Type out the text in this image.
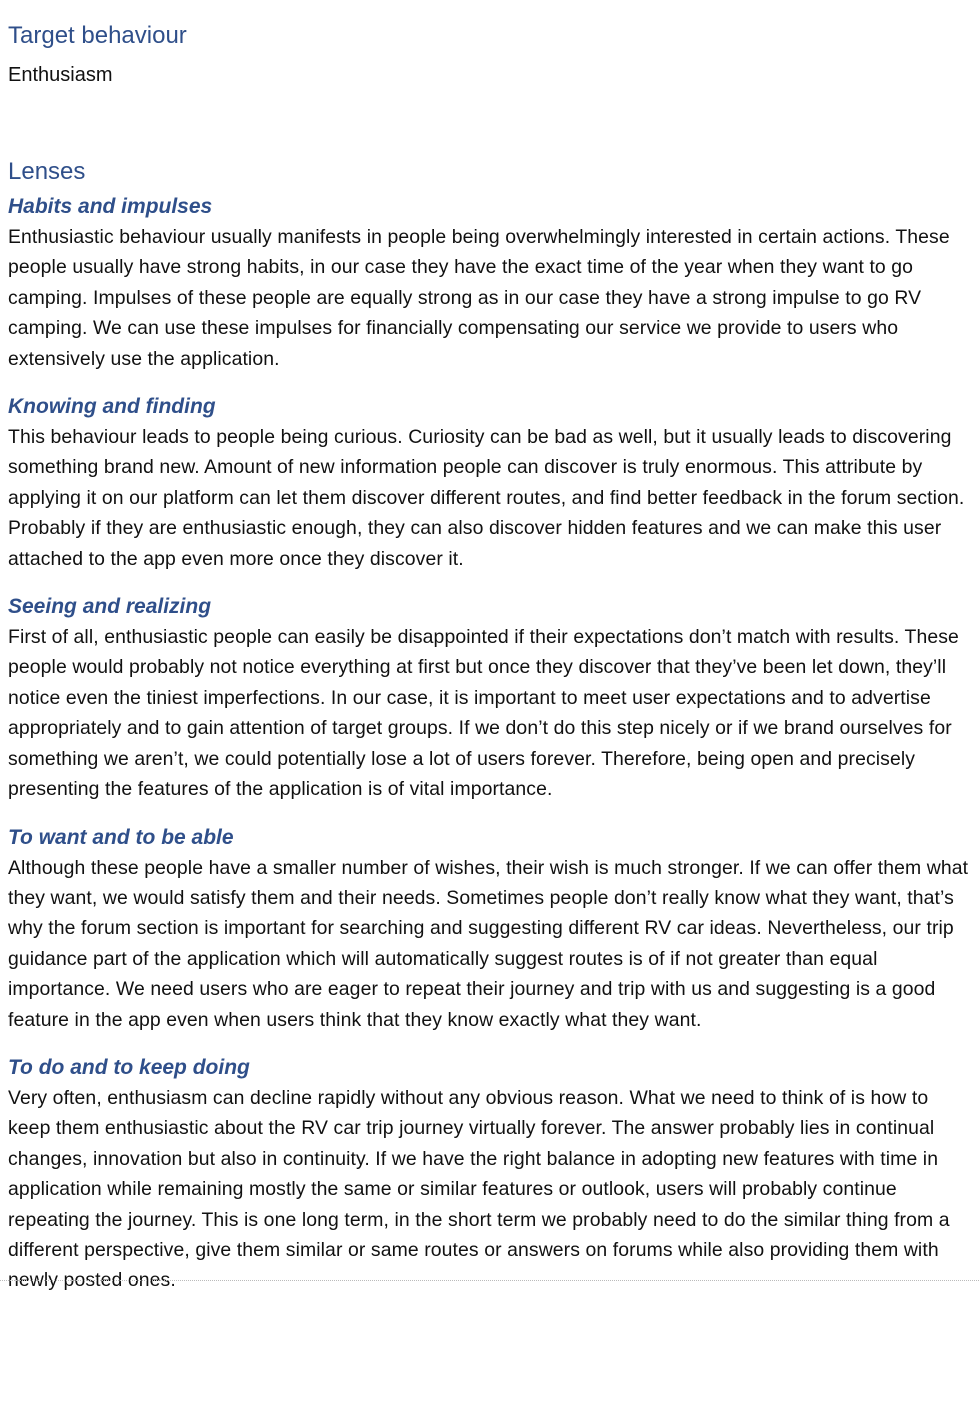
Target behaviour

Enthusiasm

Lenses
Habits and impulses

Enthusiastic behaviour usually manifests in people being overwhelmingly interested in certain actions. These people usually have strong habits, in our case they have the exact time of the year when they want to go camping. Impulses of these people are equally strong as in our case they have a strong impulse to go RV camping. We can use these impulses for financially compensating our service we provide to users who extensively use the application.

Knowing and finding

This behaviour leads to people being curious. Curiosity can be bad as well, but it usually leads to discovering something brand new. Amount of new information people can discover is truly enormous. This attribute by applying it on our platform can let them discover different routes, and find better feedback in the forum section. Probably if they are enthusiastic enough, they can also discover hidden features and we can make this user attached to the app even more once they discover it.

Seeing and realizing

First of all, enthusiastic people can easily be disappointed if their expectations don’t match with results. These people would probably not notice everything at first but once they discover that they’ve been let down, they’ll notice even the tiniest imperfections. In our case, it is important to meet user expectations and to advertise appropriately and to gain attention of target groups. If we don’t do this step nicely or if we brand ourselves for something we aren’t, we could potentially lose a lot of users forever. Therefore, being open and precisely presenting the features of the application is of vital importance.

To want and to be able

Although these people have a smaller number of wishes, their wish is much stronger. If we can offer them what they want, we would satisfy them and their needs. Sometimes people don’t really know what they want, that’s why the forum section is important for searching and suggesting different RV car ideas. Nevertheless, our trip guidance part of the application which will automatically suggest routes is of if not greater than equal importance. We need users who are eager to repeat their journey and trip with us and suggesting is a good feature in the app even when users think that they know exactly what they want.

To do and to keep doing

Very often, enthusiasm can decline rapidly without any obvious reason. What we need to think of is how to keep them enthusiastic about the RV car trip journey virtually forever. The answer probably lies in continual changes, innovation but also in continuity. If we have the right balance in adopting new features with time in application while remaining mostly the same or similar features or outlook, users will probably continue repeating the journey. This is one long term, in the short term we probably need to do the similar thing from a different perspective, give them similar or same routes or answers on forums while also providing them with newly posted ones.
